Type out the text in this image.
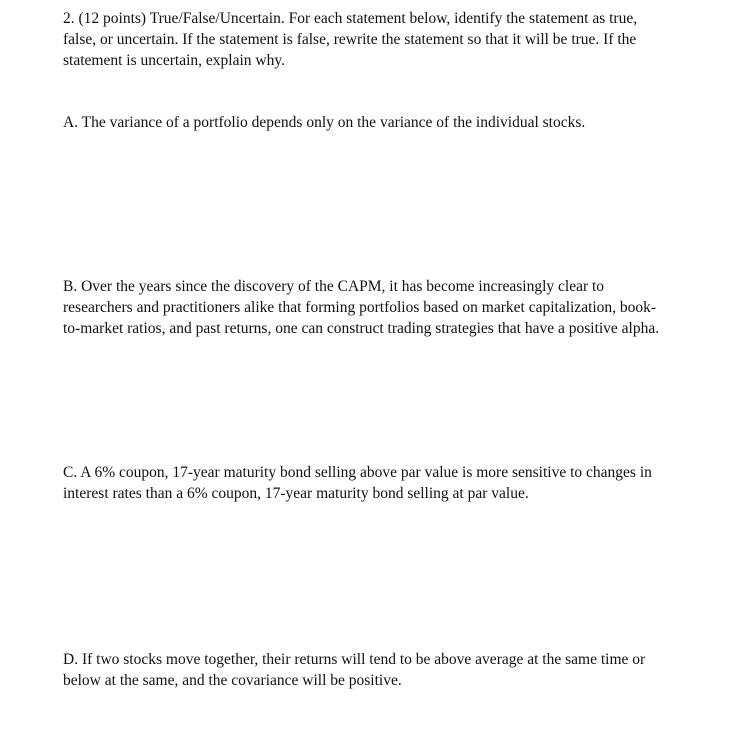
2. (12 points) True/False/Uncertain. For each statement below, identify the statement as true,
false, or uncertain. If the statement is false, rewrite the statement so that it will be true. If the
statement is uncertain, explain why.

A. The variance of a portfolio depends only on the variance of the individual stocks.

B. Over the years since the discovery of the CAPM, it has become increasingly clear to
researchers and practitioners alike that forming portfolios based on market capitalization, book-
to-market ratios, and past returns, one can construct trading strategies that have a positive alpha.

C. A 6% coupon, 17-year maturity bond selling above par value is more sensitive to changes in
interest rates than a 6% coupon, 17-year maturity bond selling at par value.

D. If two stocks move together, their returns will tend to be above average at the same time or
below at the same, and the covariance will be positive.
